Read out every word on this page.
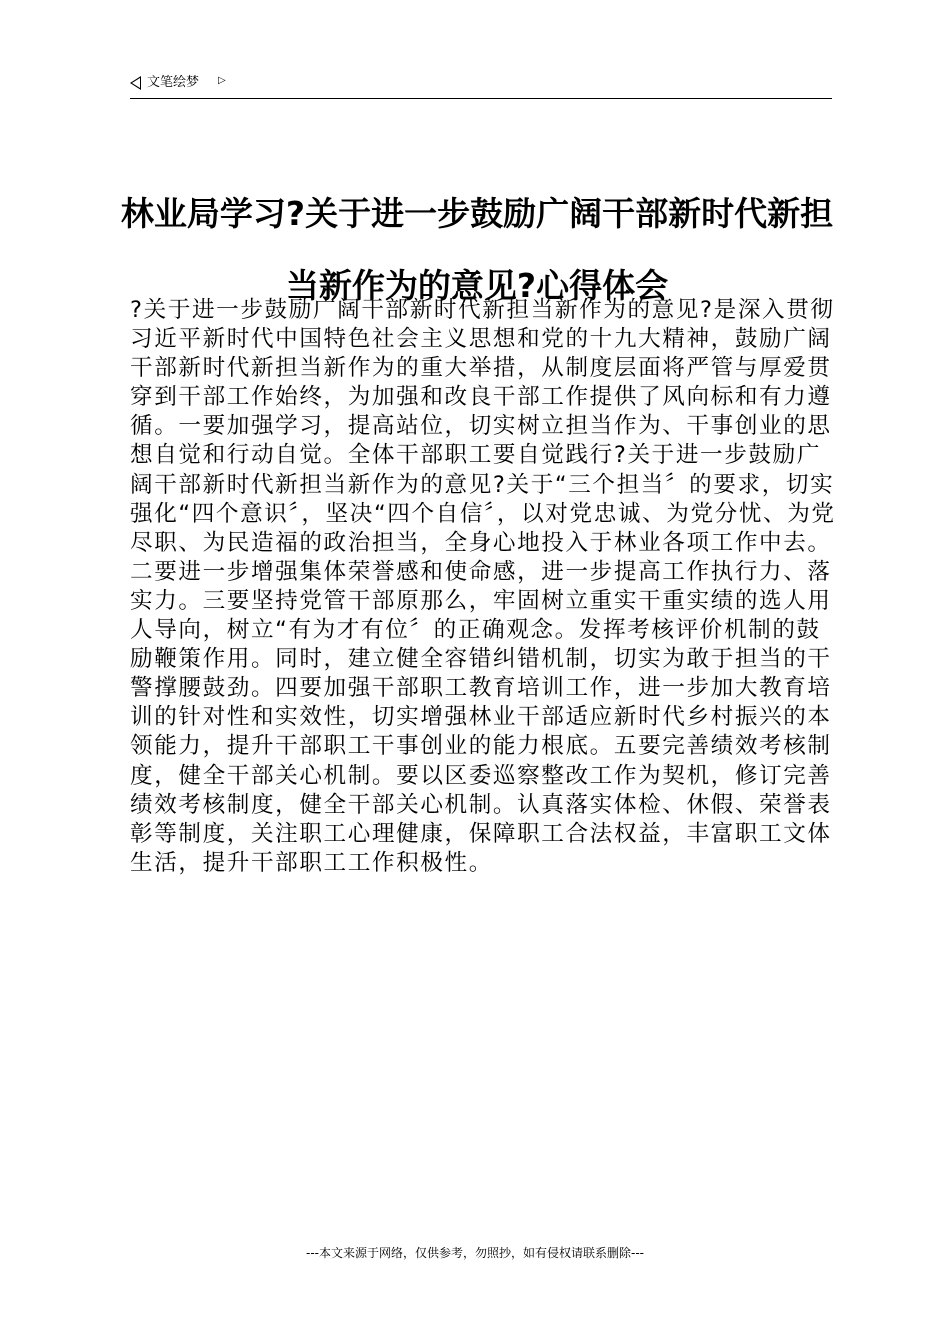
文笔绘梦 ▷
林业局学习?关于进一步鼓励广阔干部新时代新担当新作为的意见?心得体会

?关于进一步鼓励广阔干部新时代新担当新作为的意见?是深入贯彻习近平新时代中国特色社会主义思想和党的十九大精神，鼓励广阔干部新时代新担当新作为的重大举措，从制度层面将严管与厚爱贯穿到干部工作始终，为加强和改良干部工作提供了风向标和有力遵循。一要加强学习，提高站位，切实树立担当作为、干事创业的思想自觉和行动自觉。全体干部职工要自觉践行?关于进一步鼓励广阔干部新时代新担当新作为的意见?关于“三个担当〞的要求，切实强化“四个意识〞，坚决“四个自信〞，以对党忠诚、为党分忧、为党尽职、为民造福的政治担当，全身心地投入于林业各项工作中去。二要进一步增强集体荣誉感和使命感，进一步提高工作执行力、落实力。三要坚持党管干部原那么，牢固树立重实干重实绩的选人用人导向，树立“有为才有位〞的正确观念。发挥考核评价机制的鼓励鞭策作用。同时，建立健全容错纠错机制，切实为敢于担当的干警撑腰鼓劲。四要加强干部职工教育培训工作，进一步加大教育培训的针对性和实效性，切实增强林业干部适应新时代乡村振兴的本领能力，提升干部职工干事创业的能力根底。五要完善绩效考核制度，健全干部关心机制。要以区委巡察整改工作为契机，修订完善绩效考核制度，健全干部关心机制。认真落实体检、休假、荣誉表彰等制度，关注职工心理健康，保障职工合法权益，丰富职工文体生活，提升干部职工工作积极性。

---本文来源于网络，仅供参考，勿照抄，如有侵权请联系删除---
